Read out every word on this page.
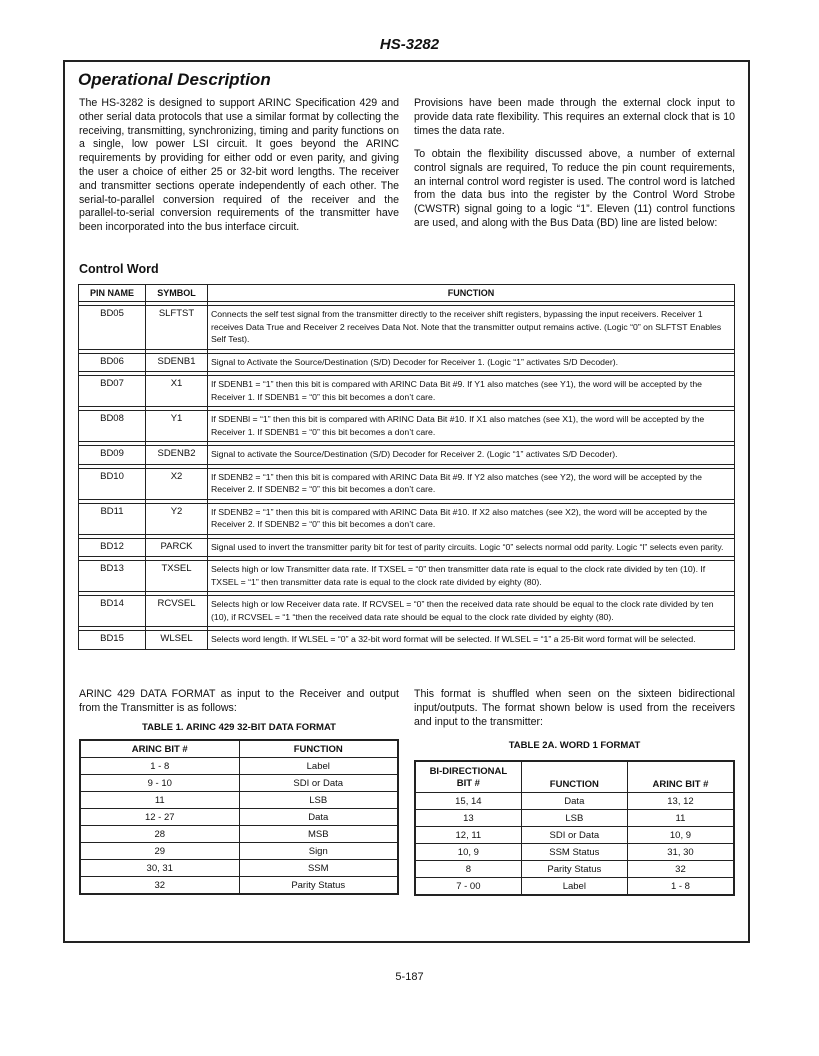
HS-3282
Operational Description

The HS-3282 is designed to support ARINC Specification 429 and other serial data protocols that use a similar format by collecting the receiving, transmitting, synchronizing, timing and parity functions on a single, low power LSI circuit. It goes beyond the ARINC requirements by providing for either odd or even parity, and giving the user a choice of either 25 or 32-bit word lengths. The receiver and transmitter sections operate independently of each other. The serial-to-parallel conversion required of the receiver and the parallel-to-serial conversion requirements of the transmitter have been incorporated into the bus interface circuit.

Provisions have been made through the external clock input to provide data rate flexibility. This requires an external clock that is 10 times the data rate.

To obtain the flexibility discussed above, a number of external control signals are required, To reduce the pin count requirements, an internal control word register is used. The control word is latched from the data bus into the register by the Control Word Strobe (CWSTR) signal going to a logic “1”. Eleven (11) control functions are used, and along with the Bus Data (BD) line are listed below:

Control Word
PIN NAME	SYMBOL	FUNCTION

BD05	SLFTST	Connects the self test signal from the transmitter directly to the receiver shift registers, bypassing the input receivers. Receiver 1 receives Data True and Receiver 2 receives Data Not. Note that the transmitter output remains active. (Logic “0” on SLFTST Enables Self Test).

BD06	SDENB1	Signal to Activate the Source/Destination (S/D) Decoder for Receiver 1. (Logic “1” activates S/D Decoder).

BD07	X1	If SDENB1 = “1” then this bit is compared with ARINC Data Bit #9. If Y1 also matches (see Y1), the word will be accepted by the Receiver 1. If SDENB1 = “0” this bit becomes a don’t care.

BD08	Y1	If SDENBl = “1” then this bit is compared with ARINC Data Bit #10. If X1 also matches (see X1), the word will be accepted by the Receiver 1. If SDENB1 = “0” this bit becomes a don’t care.

BD09	SDENB2	Signal to activate the Source/Destination (S/D) Decoder for Receiver 2. (Logic “1” activates S/D Decoder).

BD10	X2	If SDENB2 = “1” then this bit is compared with ARINC Data Bit #9. If Y2 also matches (see Y2), the word will be accepted by the Receiver 2. If SDENB2 = “0” this bit becomes a don’t care.

BD11	Y2	If SDENB2 = “1” then this bit is compared with ARINC Data Bit #10. If X2 also matches (see X2), the word will be accepted by the Receiver 2. If SDENB2 = “0” this bit becomes a don’t care.

BD12	PARCK	Signal used to invert the transmitter parity bit for test of parity circuits. Logic “0” selects normal odd parity. Logic “l” selects even parity.

BD13	TXSEL	Selects high or low Transmitter data rate. If TXSEL = “0” then transmitter data rate is equal to the clock rate divided by ten (10). If TXSEL = “1” then transmitter data rate is equal to the clock rate divided by eighty (80).

BD14	RCVSEL	Selects high or low Receiver data rate. If RCVSEL = “0” then the received data rate should be equal to the clock rate divided by ten (10), if RCVSEL = “1 “then the received data rate should be equal to the clock rate divided by eighty (80).

BD15	WLSEL	Selects word length. If WLSEL = “0” a 32-bit word format will be selected. If WLSEL = “1” a 25-Bit word format will be selected.

ARINC 429 DATA FORMAT as input to the Receiver and output from the Transmitter is as follows:

TABLE 1. ARINC 429 32-BIT DATA FORMAT
ARINC BIT #	FUNCTION
1 - 8	Label
9 - 10	SDI or Data
11	LSB
12 - 27	Data
28	MSB
29	Sign
30, 31	SSM
32	Parity Status

This format is shuffled when seen on the sixteen bidirectional input/outputs. The format shown below is used from the receivers and input to the transmitter:

TABLE 2A. WORD 1 FORMAT
BI-DIRECTIONAL
BIT #	FUNCTION	ARINC BIT #
15, 14	Data	13, 12
13	LSB	11
12, 11	SDI or Data	10, 9
10, 9	SSM Status	31, 30
8	Parity Status	32
7 - 00	Label	1 - 8
5-187
